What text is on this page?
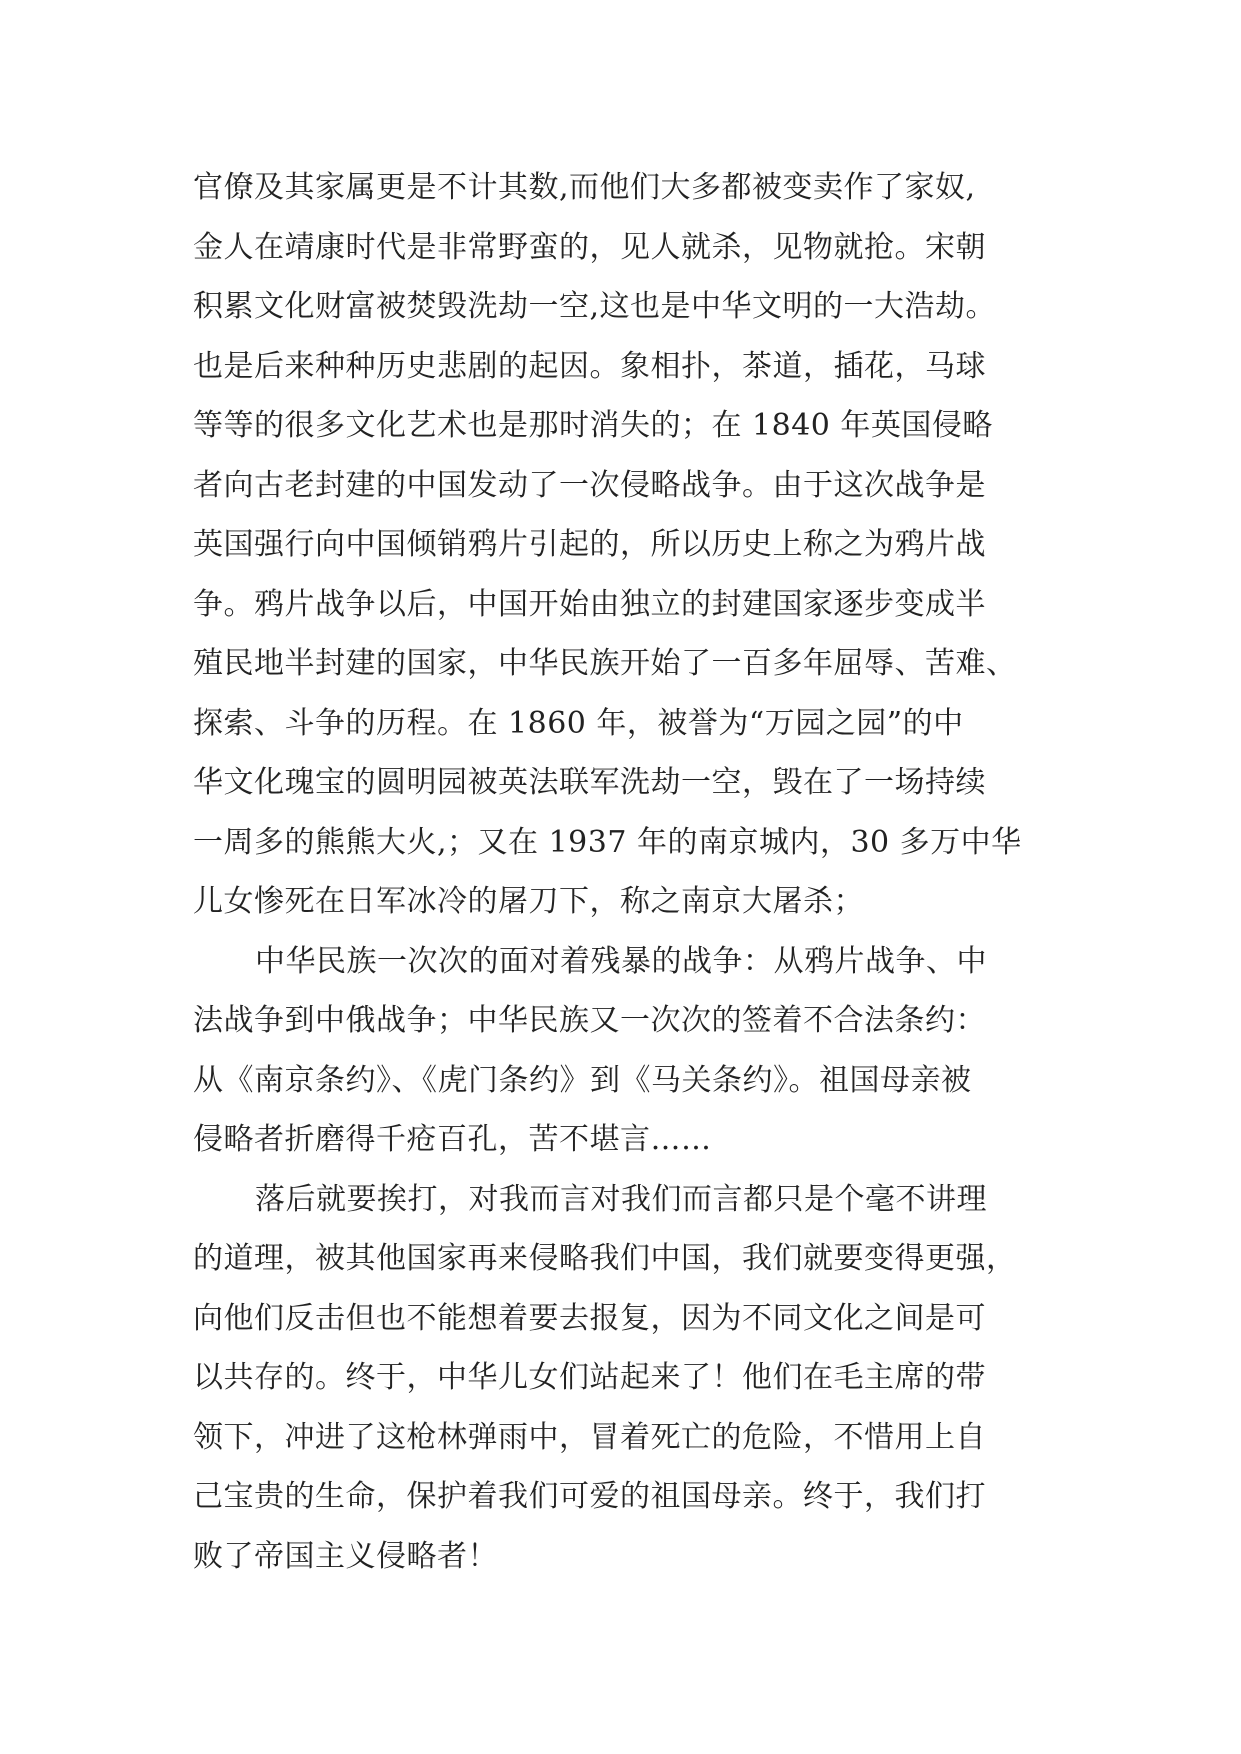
官僚及其家属更是不计其数,而他们大多都被变卖作了家奴,
金人在靖康时代是非常野蛮的，见人就杀，见物就抢。宋朝
积累文化财富被焚毁洗劫一空,这也是中华文明的一大浩劫。
也是后来种种历史悲剧的起因。象相扑，茶道，插花，马球
等等的很多文化艺术也是那时消失的；在 1840 年英国侵略
者向古老封建的中国发动了一次侵略战争。由于这次战争是
英国强行向中国倾销鸦片引起的，所以历史上称之为鸦片战
争。鸦片战争以后，中国开始由独立的封建国家逐步变成半
殖民地半封建的国家，中华民族开始了一百多年屈辱、苦难、
探索、斗争的历程。在 1860 年，被誉为“万园之园”的中
华文化瑰宝的圆明园被英法联军洗劫一空，毁在了一场持续
一周多的熊熊大火,；又在 1937 年的南京城内，30 多万中华
儿女惨死在日军冰冷的屠刀下，称之南京大屠杀；
中华民族一次次的面对着残暴的战争：从鸦片战争、中
法战争到中俄战争；中华民族又一次次的签着不合法条约：
从《南京条约》、《虎门条约》到《马关条约》。祖国母亲被
侵略者折磨得千疮百孔，苦不堪言……
落后就要挨打，对我而言对我们而言都只是个毫不讲理
的道理，被其他国家再来侵略我们中国，我们就要变得更强，
向他们反击但也不能想着要去报复，因为不同文化之间是可
以共存的。终于，中华儿女们站起来了！他们在毛主席的带
领下，冲进了这枪林弹雨中，冒着死亡的危险，不惜用上自
己宝贵的生命，保护着我们可爱的祖国母亲。终于，我们打
败了帝国主义侵略者！
